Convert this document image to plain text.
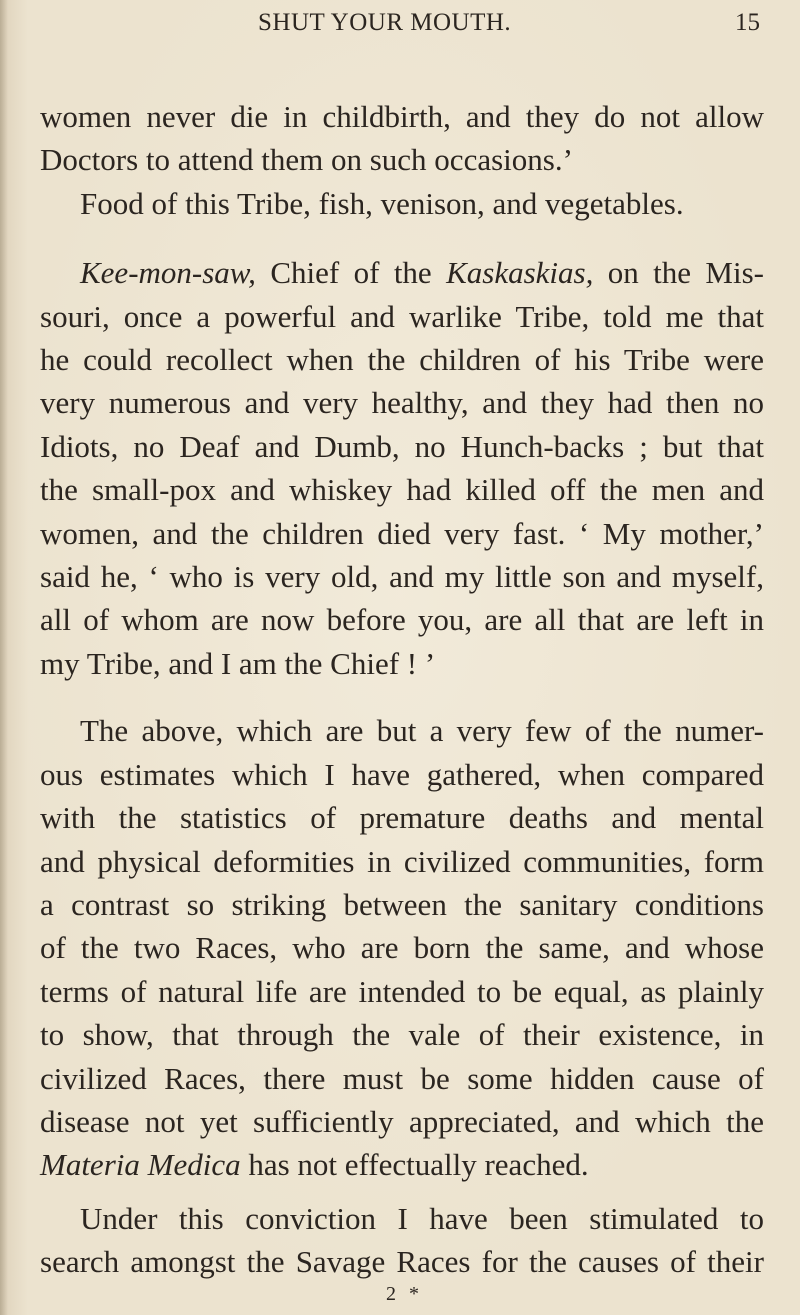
SHUT YOUR MOUTH.	15

women never die in childbirth, and they do not allow
Doctors to attend them on such occasions.’

Food of this Tribe, fish, venison, and vegetables.

Kee-mon-saw, Chief of the Kaskaskias, on the Mis-
souri, once a powerful and warlike Tribe, told me that
he could recollect when the children of his Tribe were
very numerous and very healthy, and they had then no
Idiots, no Deaf and Dumb, no Hunch-backs ; but that
the small-pox and whiskey had killed off the men and
women, and the children died very fast. ‘ My mother,’
said he, ‘ who is very old, and my little son and myself,
all of whom are now before you, are all that are left in
my Tribe, and I am the Chief ! ’

The above, which are but a very few of the numer-
ous estimates which I have gathered, when compared
with the statistics of premature deaths and mental
and physical deformities in civilized communities, form
a contrast so striking between the sanitary conditions
of the two Races, who are born the same, and whose
terms of natural life are intended to be equal, as plainly
to show, that through the vale of their existence, in
civilized Races, there must be some hidden cause of
disease not yet sufficiently appreciated, and which the
Materia Medica has not effectually reached.

Under this conviction I have been stimulated to
search amongst the Savage Races for the causes of their

2 *
